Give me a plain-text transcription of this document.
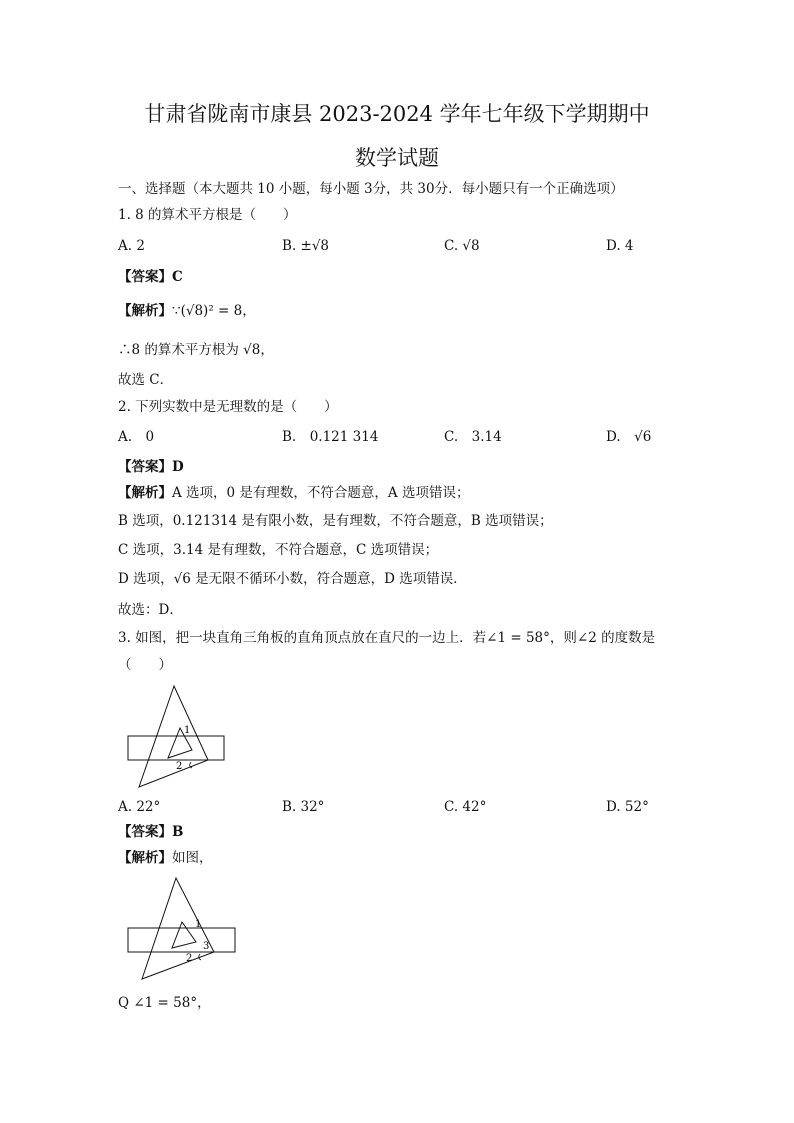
甘肃省陇南市康县 2023-2024 学年七年级下学期期中
数学试题
一、选择题（本大题共 10 小题，每小题 3分，共 30分．每小题只有一个正确选项）
1. 8 的算术平方根是（　　）
A. 2	B. ±√8	C. √8	D. 4
【答案】C
【解析】∵(√8)² = 8，
∴8 的算术平方根为 √8，
故选 C．
2. 下列实数中是无理数的是（　　）
A.　0	B.　0.121 314	C.　3.14	D.　√6
【答案】D
【解析】A 选项，0 是有理数，不符合题意，A 选项错误；
B 选项，0.121314 是有限小数，是有理数，不符合题意，B 选项错误；
C 选项，3.14 是有理数，不符合题意，C 选项错误；
D 选项，√6 是无限不循环小数，符合题意，D 选项错误．
故选：D．
3. 如图，把一块直角三角板的直角顶点放在直尺的一边上．若∠1 = 58°，则∠2 的度数是
（　　）
1
2
A. 22°	B. 32°	C. 42°	D. 52°
【答案】B
【解析】如图，
1
2
3
Q ∠1 = 58°，
